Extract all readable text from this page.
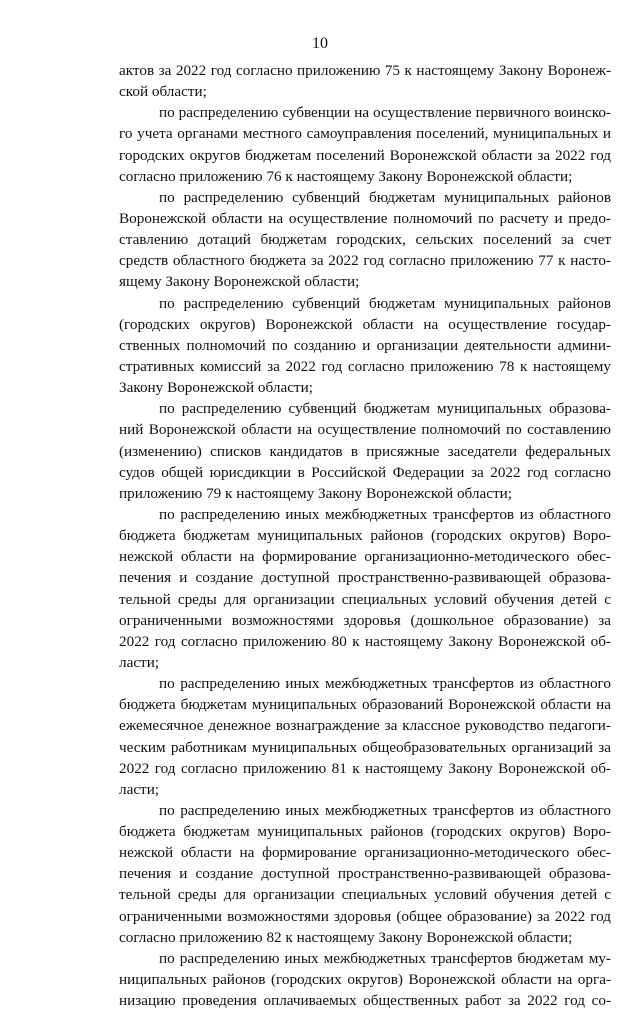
10
актов за 2022 год согласно приложению 75 к настоящему Закону Воронеж-
ской области;
по распределению субвенции на осуществление первичного воинско-
го учета органами местного самоуправления поселений, муниципальных и
городских округов бюджетам поселений Воронежской области за 2022 год
согласно приложению 76 к настоящему Закону Воронежской области;
по распределению субвенций бюджетам муниципальных районов
Воронежской области на осуществление полномочий по расчету и предо-
ставлению дотаций бюджетам городских, сельских поселений за счет
средств областного бюджета за 2022 год согласно приложению 77 к насто-
ящему Закону Воронежской области;
по распределению субвенций бюджетам муниципальных районов
(городских округов) Воронежской области на осуществление государ-
ственных полномочий по созданию и организации деятельности админи-
стративных комиссий за 2022 год согласно приложению 78 к настоящему
Закону Воронежской области;
по распределению субвенций бюджетам муниципальных образова-
ний Воронежской области на осуществление полномочий по составлению
(изменению) списков кандидатов в присяжные заседатели федеральных
судов общей юрисдикции в Российской Федерации за 2022 год согласно
приложению 79 к настоящему Закону Воронежской области;
по распределению иных межбюджетных трансфертов из областного
бюджета бюджетам муниципальных районов (городских округов) Воро-
нежской области на формирование организационно-методического обес-
печения и создание доступной пространственно-развивающей образова-
тельной среды для организации специальных условий обучения детей с
ограниченными возможностями здоровья (дошкольное образование) за
2022 год согласно приложению 80 к настоящему Закону Воронежской об-
ласти;
по распределению иных межбюджетных трансфертов из областного
бюджета бюджетам муниципальных образований Воронежской области на
ежемесячное денежное вознаграждение за классное руководство педагоги-
ческим работникам муниципальных общеобразовательных организаций за
2022 год согласно приложению 81 к настоящему Закону Воронежской об-
ласти;
по распределению иных межбюджетных трансфертов из областного
бюджета бюджетам муниципальных районов (городских округов) Воро-
нежской области на формирование организационно-методического обес-
печения и создание доступной пространственно-развивающей образова-
тельной среды для организации специальных условий обучения детей с
ограниченными возможностями здоровья (общее образование) за 2022 год
согласно приложению 82 к настоящему Закону Воронежской области;
по распределению иных межбюджетных трансфертов бюджетам му-
ниципальных районов (городских округов) Воронежской области на орга-
низацию проведения оплачиваемых общественных работ за 2022 год со-
